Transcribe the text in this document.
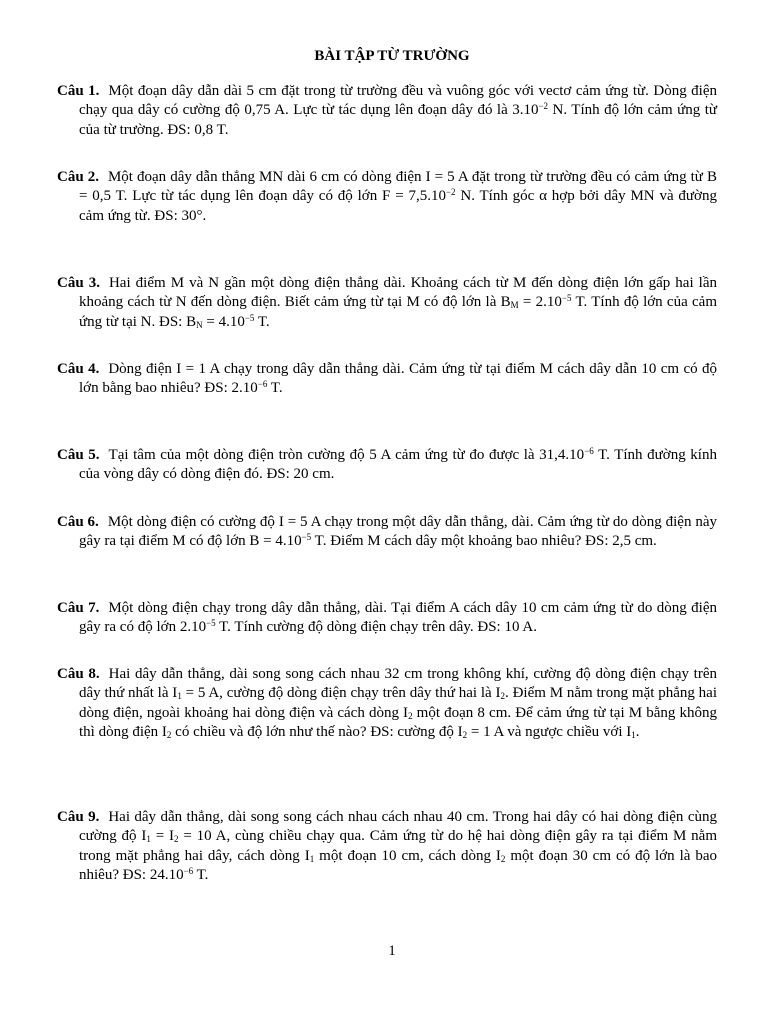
BÀI TẬP TỪ TRƯỜNG
Câu 1. Một đoạn dây dẫn dài 5 cm đặt trong từ trường đều và vuông góc với vectơ cảm ứng từ. Dòng điện chạy qua dây có cường độ 0,75 A. Lực từ tác dụng lên đoạn dây đó là $3.10^{-2}$ N. Tính độ lớn cảm ứng từ của từ trường. ĐS: 0,8 T.
Câu 2. Một đoạn dây dẫn thẳng MN dài 6 cm có dòng điện I = 5 A đặt trong từ trường đều có cảm ứng từ B = 0,5 T. Lực từ tác dụng lên đoạn dây có độ lớn $F = 7,5.10^{-2}$ N. Tính góc α hợp bởi dây MN và đường cảm ứng từ. ĐS: 30°.
Câu 3. Hai điểm M và N gần một dòng điện thẳng dài. Khoảng cách từ M đến dòng điện lớn gấp hai lần khoảng cách từ N đến dòng điện. Biết cảm ứng từ tại M có độ lớn là $B_M = 2.10^{-5}$ T. Tính độ lớn của cảm ứng từ tại N. ĐS: $B_N = 4.10^{-5}$ T.
Câu 4. Dòng điện I = 1 A chạy trong dây dẫn thẳng dài. Cảm ứng từ tại điểm M cách dây dẫn 10 cm có độ lớn bằng bao nhiêu? ĐS: $2.10^{-6}$ T.
Câu 5. Tại tâm của một dòng điện tròn cường độ 5 A cảm ứng từ đo được là $31,4.10^{-6}$ T. Tính đường kính của vòng dây có dòng điện đó. ĐS: 20 cm.
Câu 6. Một dòng điện có cường độ I = 5 A chạy trong một dây dẫn thẳng, dài. Cảm ứng từ do dòng điện này gây ra tại điểm M có độ lớn $B = 4.10^{-5}$ T. Điểm M cách dây một khoảng bao nhiêu? ĐS: 2,5 cm.
Câu 7. Một dòng điện chạy trong dây dẫn thẳng, dài. Tại điểm A cách dây 10 cm cảm ứng từ do dòng điện gây ra có độ lớn $2.10^{-5}$ T. Tính cường độ dòng điện chạy trên dây. ĐS: 10 A.
Câu 8. Hai dây dẫn thẳng, dài song song cách nhau 32 cm trong không khí, cường độ dòng điện chạy trên dây thứ nhất là $I_1 = 5$ A, cường độ dòng điện chạy trên dây thứ hai là $I_2$. Điểm M nằm trong mặt phẳng hai dòng điện, ngoài khoảng hai dòng điện và cách dòng $I_2$ một đoạn 8 cm. Để cảm ứng từ tại M bằng không thì dòng điện $I_2$ có chiều và độ lớn như thế nào? ĐS: cường độ $I_2 = 1$ A và ngược chiều với $I_1$.
Câu 9. Hai dây dẫn thẳng, dài song song cách nhau cách nhau 40 cm. Trong hai dây có hai dòng điện cùng cường độ $I_1 = I_2 = 10$ A, cùng chiều chạy qua. Cảm ứng từ do hệ hai dòng điện gây ra tại điểm M nằm trong mặt phẳng hai dây, cách dòng $I_1$ một đoạn 10 cm, cách dòng $I_2$ một đoạn 30 cm có độ lớn là bao nhiêu? ĐS: $24.10^{-6}$ T.
1
